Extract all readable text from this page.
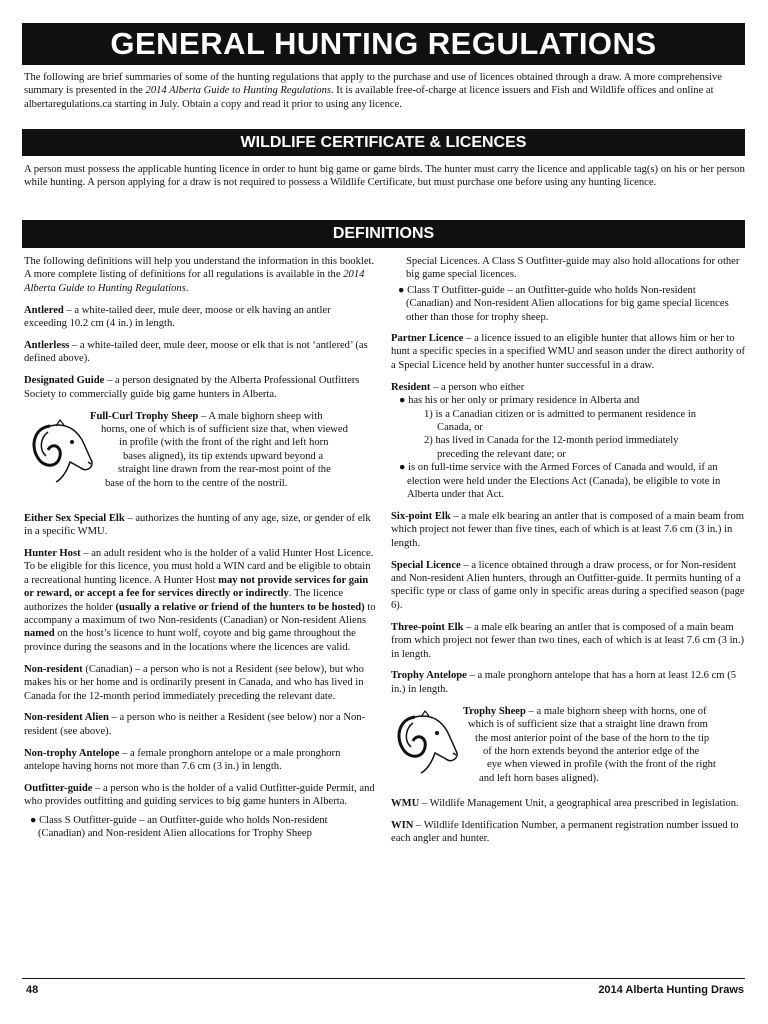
GENERAL HUNTING REGULATIONS

The following are brief summaries of some of the hunting regulations that apply to the purchase and use of licences obtained through a draw. A more comprehensive summary is presented in the 2014 Alberta Guide to Hunting Regulations. It is available free-of-charge at licence issuers and Fish and Wildlife offices and online at albertaregulations.ca starting in July. Obtain a copy and read it prior to using any licence.

WILDLIFE CERTIFICATE & LICENCES

A person must possess the applicable hunting licence in order to hunt big game or game birds. The hunter must carry the licence and applicable tag(s) on his or her person while hunting. A person applying for a draw is not required to possess a Wildlife Certificate, but must purchase one before using any hunting licence.

DEFINITIONS

The following definitions will help you understand the information in this booklet. A more complete listing of definitions for all regulations is available in the 2014 Alberta Guide to Hunting Regulations.

Antlered – a white-tailed deer, mule deer, moose or elk having an antler exceeding 10.2 cm (4 in.) in length.

Antlerless – a white-tailed deer, mule deer, moose or elk that is not ‘antlered’ (as defined above).

Designated Guide – a person designated by the Alberta Professional Outfitters Society to commercially guide big game hunters in Alberta.

Full-Curl Trophy Sheep – A male bighorn sheep with
horns, one of which is of sufficient size that, when viewed
in profile (with the front of the right and left horn
bases aligned), its tip extends upward beyond a
straight line drawn from the rear-most point of the
base of the horn to the centre of the nostril.

Either Sex Special Elk – authorizes the hunting of any age, size, or gender of elk in a specific WMU.

Hunter Host – an adult resident who is the holder of a valid Hunter Host Licence. To be eligible for this licence, you must hold a WIN card and be eligible to obtain a recreational hunting licence. A Hunter Host may not provide services for gain or reward, or accept a fee for services directly or indirectly. The licence authorizes the holder (usually a relative or friend of the hunters to be hosted) to accompany a maximum of two Non-residents (Canadian) or Non-resident Aliens named on the host’s licence to hunt wolf, coyote and big game throughout the province during the seasons and in the locations where the licences are valid.

Non-resident (Canadian) – a person who is not a Resident (see below), but who makes his or her home and is ordinarily present in Canada, and who has lived in Canada for the 12-month period immediately preceding the relevant date.

Non-resident Alien – a person who is neither a Resident (see below) nor a Non-resident (see above).

Non-trophy Antelope – a female pronghorn antelope or a male pronghorn antelope having horns not more than 7.6 cm (3 in.) in length.

Outfitter-guide – a person who is the holder of a valid Outfitter-guide Permit, and who provides outfitting and guiding services to big game hunters in Alberta.

● Class S Outfitter-guide – an Outfitter-guide who holds Non-resident (Canadian) and Non-resident Alien allocations for Trophy Sheep
Special Licences. A Class S Outfitter-guide may also hold allocations for other big game special licences.
● Class T Outfitter-guide – an Outfitter-guide who holds Non-resident (Canadian) and Non-resident Alien allocations for big game special licences other than those for trophy sheep.

Partner Licence – a licence issued to an eligible hunter that allows him or her to hunt a specific species in a specified WMU and season under the direct authority of a Special Licence held by another hunter successful in a draw.

Resident – a person who either
● has his or her only or primary residence in Alberta and
1) is a Canadian citizen or is admitted to permanent residence in
Canada, or
2) has lived in Canada for the 12-month period immediately
preceding the relevant date; or
● is on full-time service with the Armed Forces of Canada and would, if an election were held under the Elections Act (Canada), be eligible to vote in Alberta under that Act.

Six-point Elk – a male elk bearing an antler that is composed of a main beam from which project not fewer than five tines, each of which is at least 7.6 cm (3 in.) in length.

Special Licence – a licence obtained through a draw process, or for Non-resident and Non-resident Alien hunters, through an Outfitter-guide. It permits hunting of a specific type or class of game only in specific areas during a specified season (page 6).

Three-point Elk – a male elk bearing an antler that is composed of a main beam from which project not fewer than two tines, each of which is at least 7.6 cm (3 in.) in length.

Trophy Antelope – a male pronghorn antelope that has a horn at least 12.6 cm (5 in.) in length.

Trophy Sheep – a male bighorn sheep with horns, one of
which is of sufficient size that a straight line drawn from
the most anterior point of the base of the horn to the tip
of the horn extends beyond the anterior edge of the
eye when viewed in profile (with the front of the right
and left horn bases aligned).

WMU – Wildlife Management Unit, a geographical area prescribed in legislation.

WIN – Wildlife Identification Number, a permanent registration number issued to each angler and hunter.

48	2014 Alberta Hunting Draws
